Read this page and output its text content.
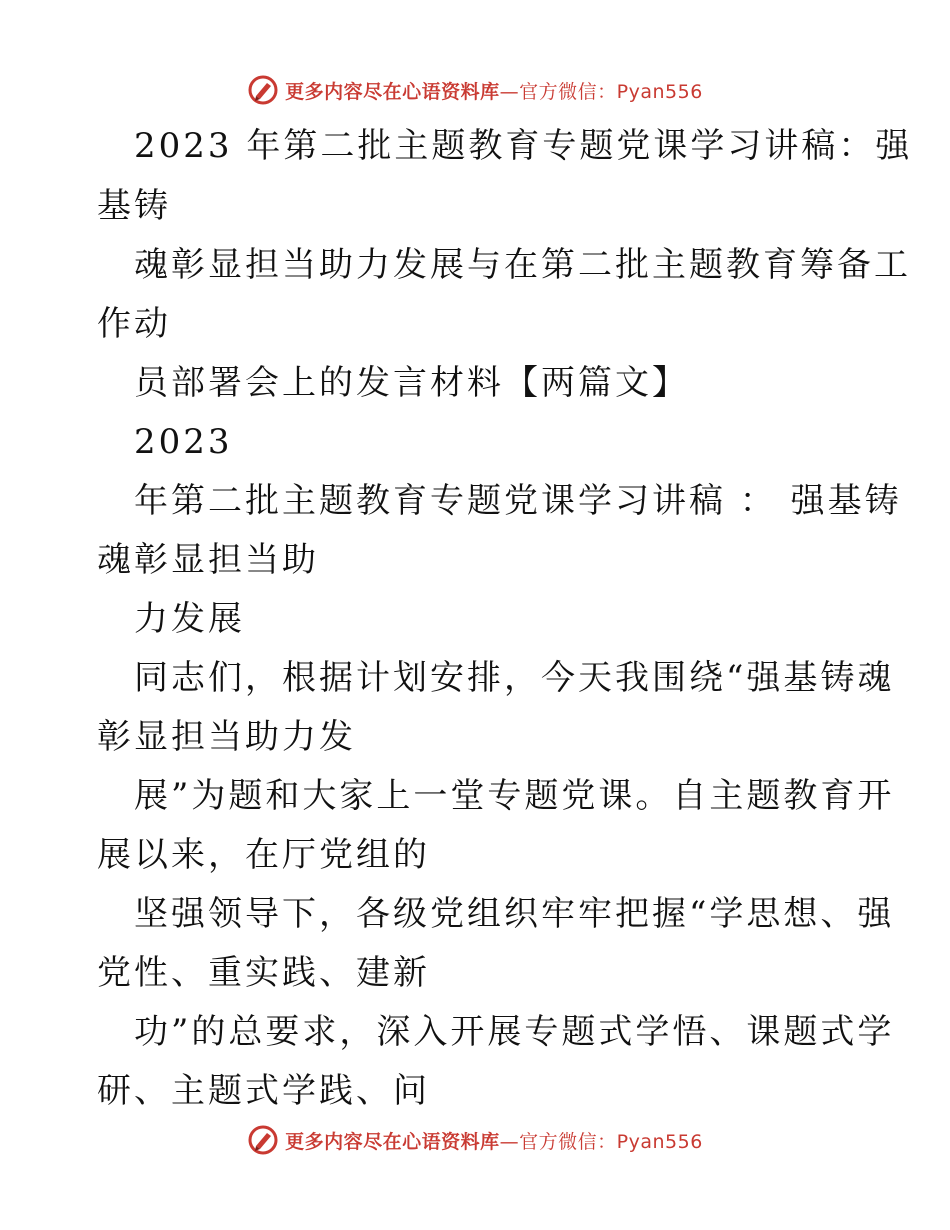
更多内容尽在心语资料库—官方微信：Pyan556
2023 年第二批主题教育专题党课学习讲稿：强
基铸
魂彰显担当助力发展与在第二批主题教育筹备工
作动
员部署会上的发言材料【两篇文】
2023
年第二批主题教育专题党课学习讲稿 ： 强基铸
魂彰显担当助
力发展
同志们，根据计划安排，今天我围绕“强基铸魂
彰显担当助力发
展”为题和大家上一堂专题党课。自主题教育开
展以来，在厅党组的
坚强领导下，各级党组织牢牢把握“学思想、强
党性、重实践、建新
功”的总要求，深入开展专题式学悟、课题式学
研、主题式学践、问
更多内容尽在心语资料库—官方微信：Pyan556
